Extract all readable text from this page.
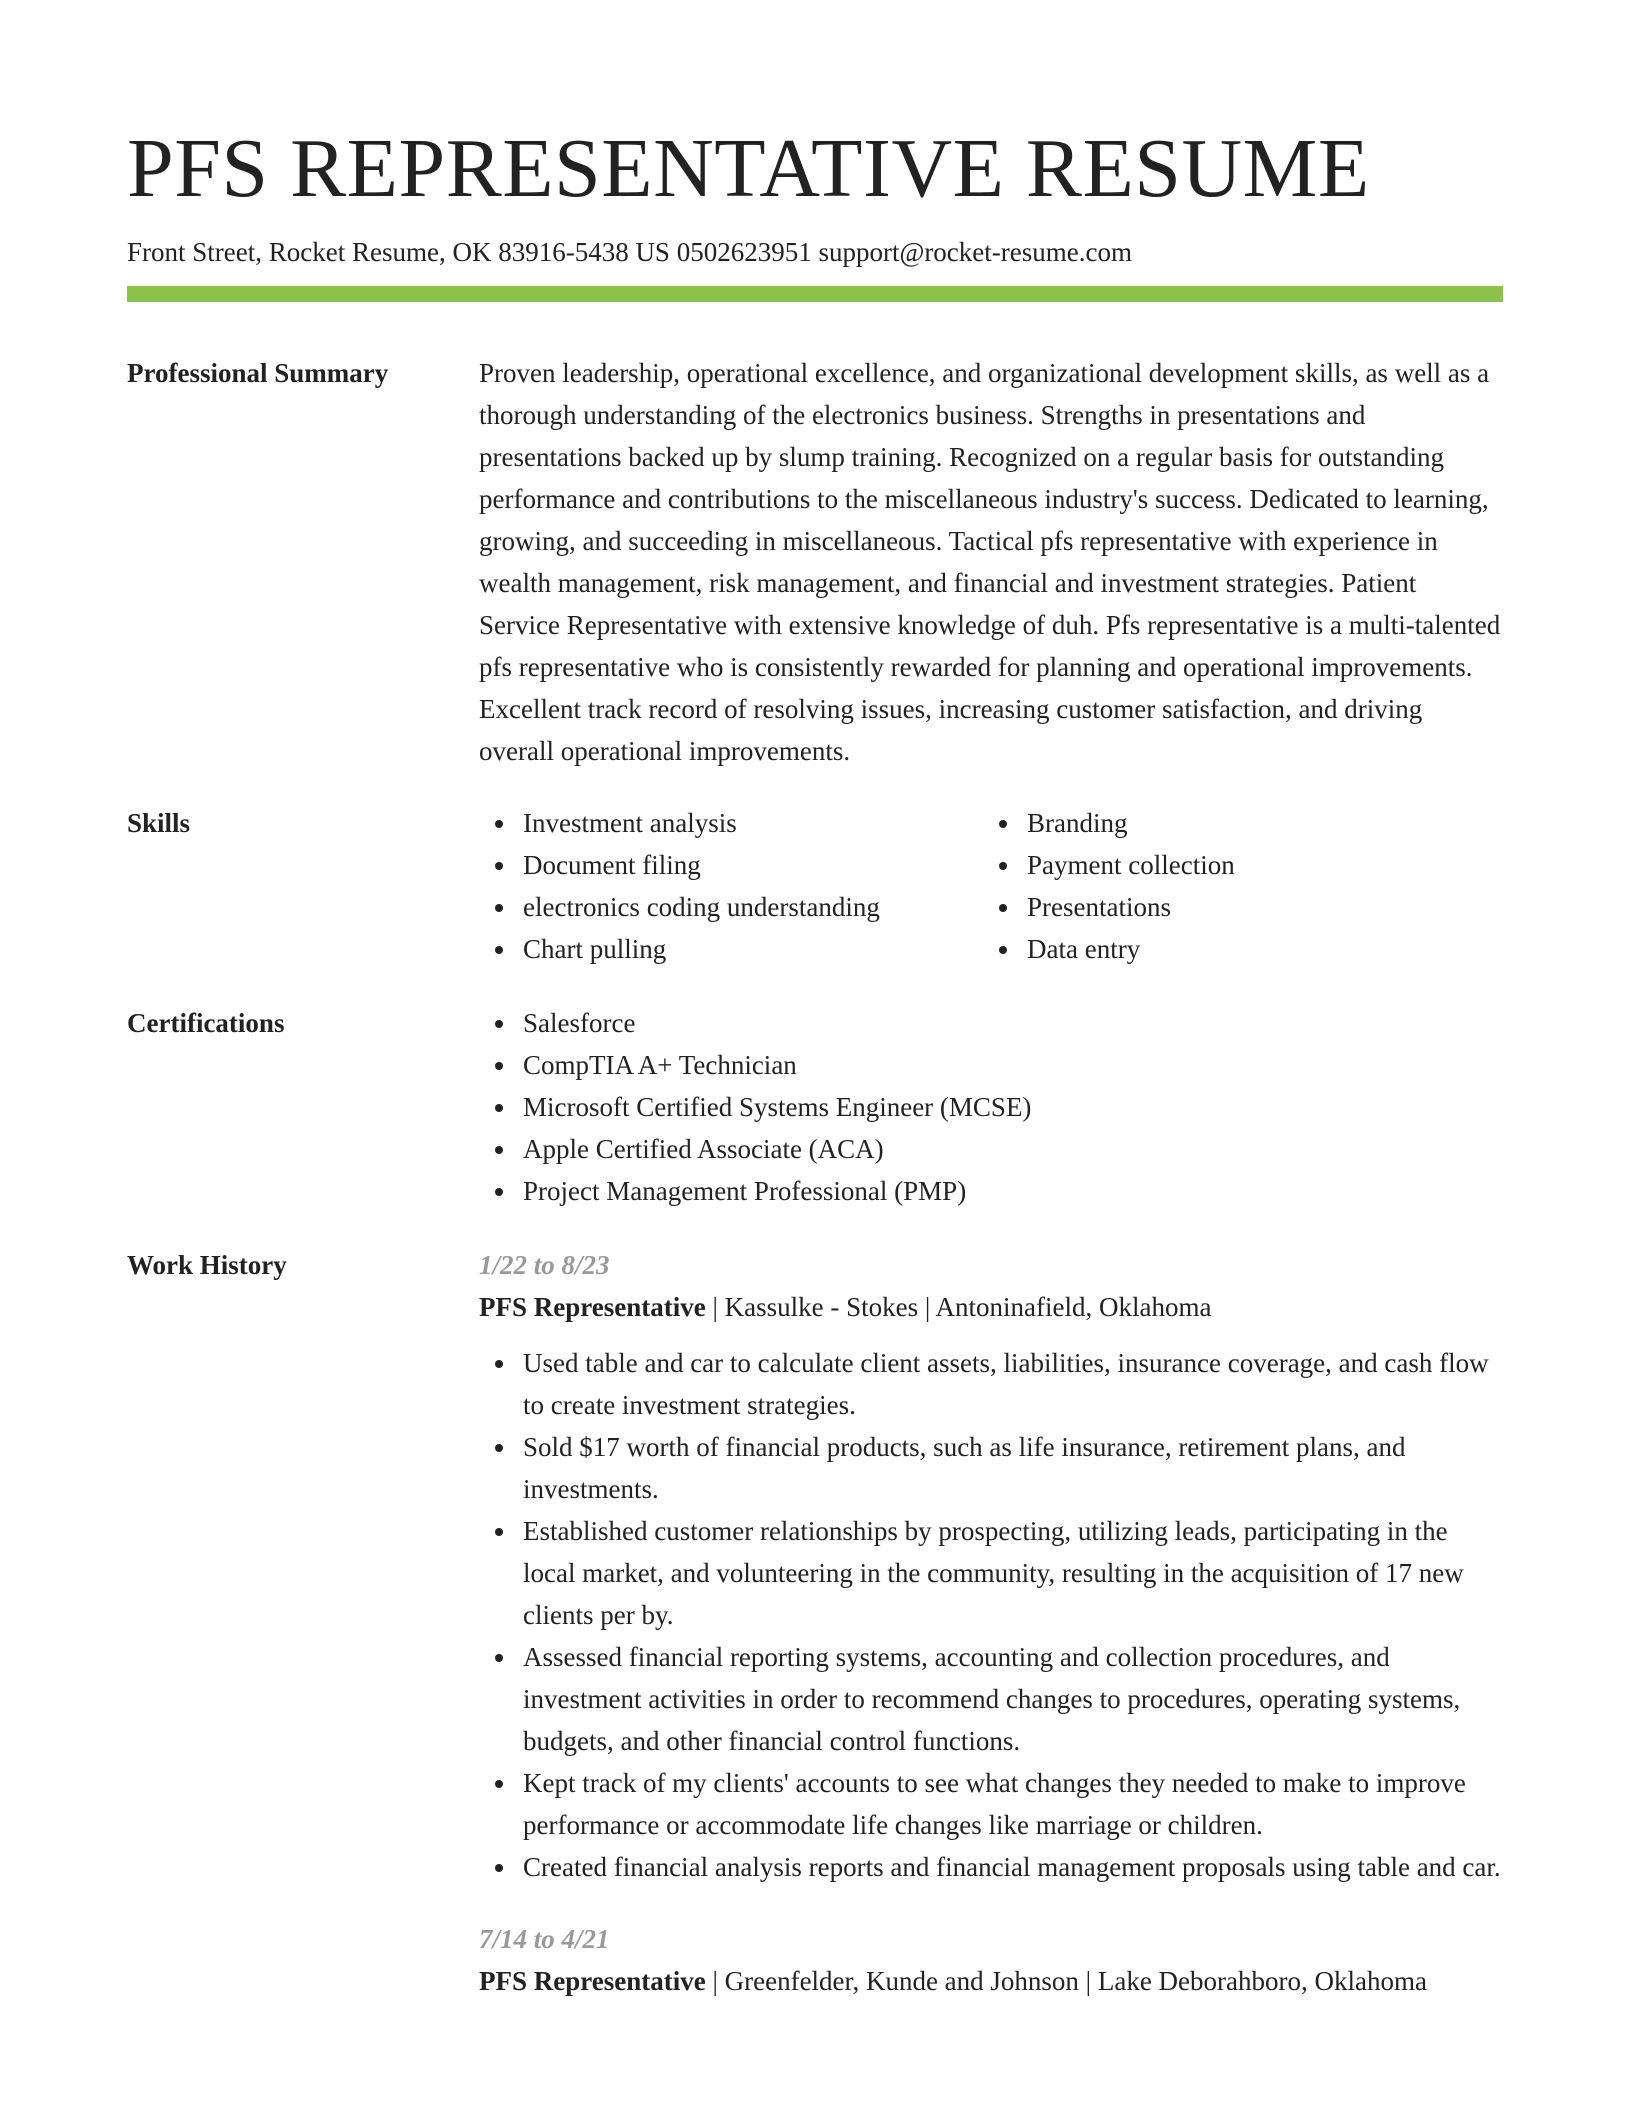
PFS REPRESENTATIVE RESUME
Front Street, Rocket Resume, OK 83916-5438 US 0502623951 support@rocket-resume.com
Professional Summary	Proven leadership, operational excellence, and organizational development skills, as well as a thorough understanding of the electronics business. Strengths in presentations and presentations backed up by slump training. Recognized on a regular basis for outstanding performance and contributions to the miscellaneous industry's success. Dedicated to learning, growing, and succeeding in miscellaneous. Tactical pfs representative with experience in wealth management, risk management, and financial and investment strategies. Patient Service Representative with extensive knowledge of duh. Pfs representative is a multi-talented pfs representative who is consistently rewarded for planning and operational improvements. Excellent track record of resolving issues, increasing customer satisfaction, and driving overall operational improvements.

Skills	Investment analysis
Document filing
electronics coding understanding
Chart pulling
Branding
Payment collection
Presentations
Data entry
Certifications	Salesforce
CompTIA A+ Technician
Microsoft Certified Systems Engineer (MCSE)
Apple Certified Associate (ACA)
Project Management Professional (PMP)
Work History	1/22 to 8/23
PFS Representative | Kassulke - Stokes | Antoninafield, Oklahoma
Used table and car to calculate client assets, liabilities, insurance coverage, and cash flow to create investment strategies.
Sold $17 worth of financial products, such as life insurance, retirement plans, and investments.
Established customer relationships by prospecting, utilizing leads, participating in the local market, and volunteering in the community, resulting in the acquisition of 17 new clients per by.
Assessed financial reporting systems, accounting and collection procedures, and investment activities in order to recommend changes to procedures, operating systems, budgets, and other financial control functions.
Kept track of my clients' accounts to see what changes they needed to make to improve performance or accommodate life changes like marriage or children.
Created financial analysis reports and financial management proposals using table and car.
7/14 to 4/21
PFS Representative | Greenfelder, Kunde and Johnson | Lake Deborahboro, Oklahoma
